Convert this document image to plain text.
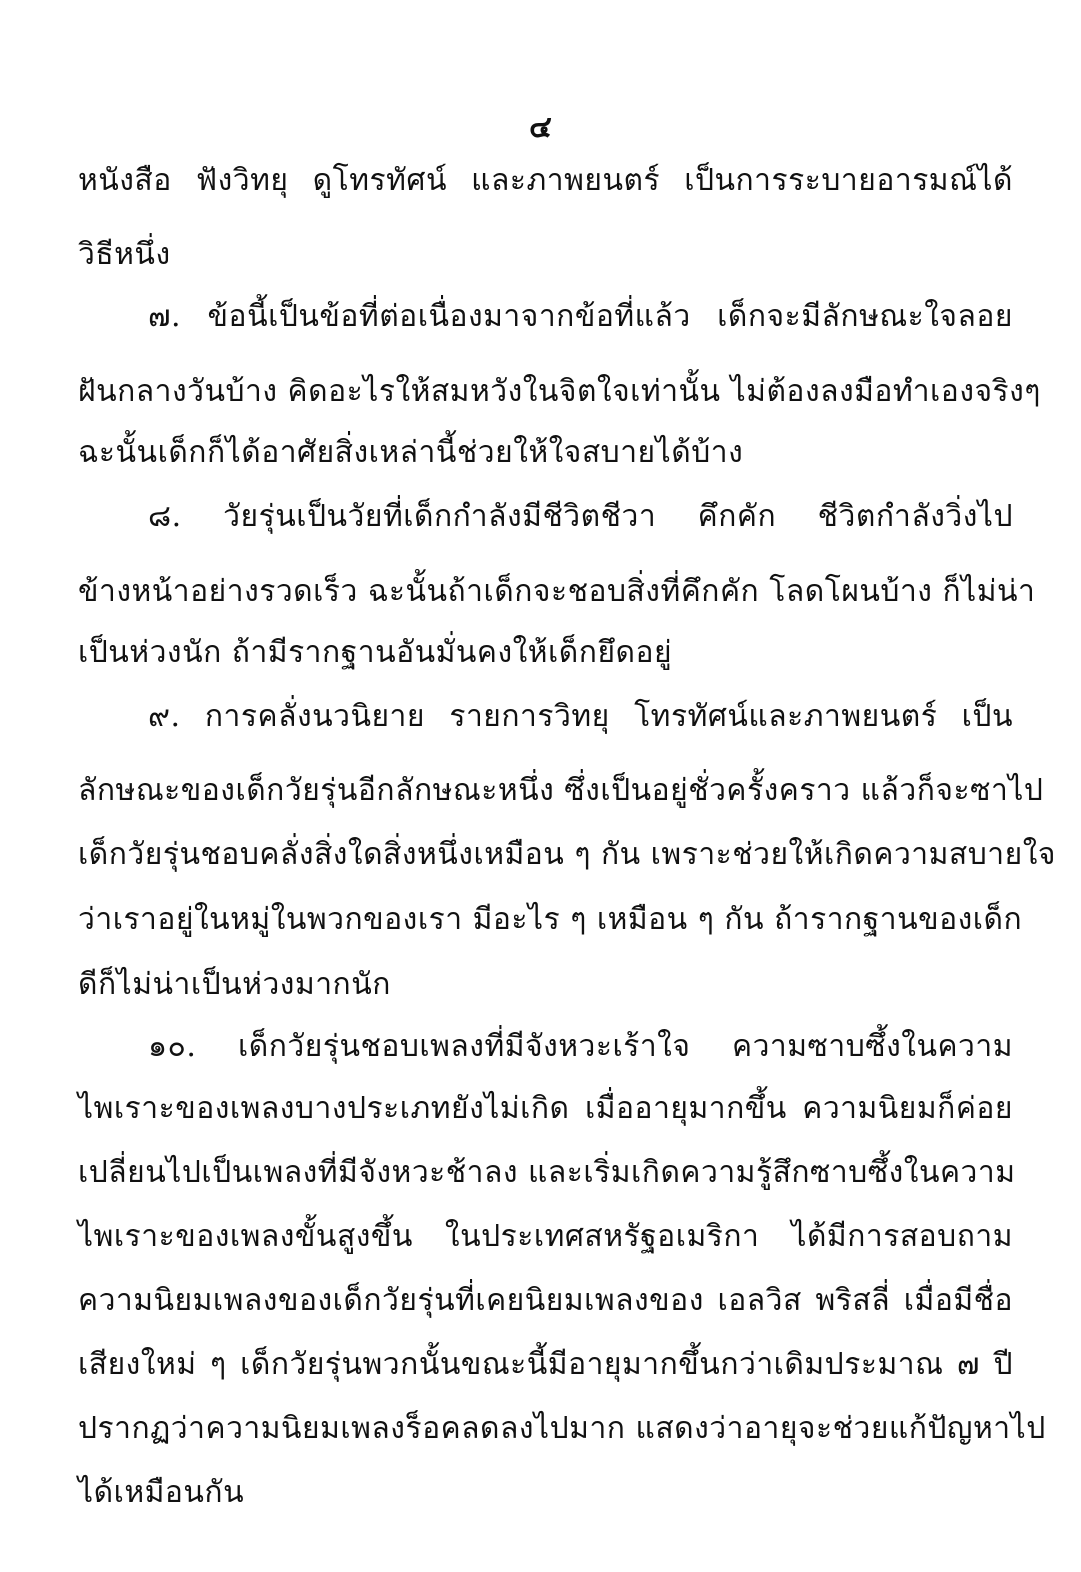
๔
หนังสือ ฟังวิทยุ ดูโทรทัศน์ และภาพยนตร์ เป็นการระบายอารมณ์ได้
วิธีหนึ่ง
๗. ข้อนี้เป็นข้อที่ต่อเนื่องมาจากข้อที่แล้ว เด็กจะมีลักษณะใจลอย
ฝันกลางวันบ้าง คิดอะไรให้สมหวังในจิตใจเท่านั้น ไม่ต้องลงมือทำเองจริงๆ
ฉะนั้นเด็กก็ได้อาศัยสิ่งเหล่านี้ช่วยให้ใจสบายได้บ้าง
๘. วัยรุ่นเป็นวัยที่เด็กกำลังมีชีวิตชีวา คึกคัก ชีวิตกำลังวิ่งไป
ข้างหน้าอย่างรวดเร็ว ฉะนั้นถ้าเด็กจะชอบสิ่งที่คึกคัก โลดโผนบ้าง ก็ไม่น่า
เป็นห่วงนัก ถ้ามีรากฐานอันมั่นคงให้เด็กยึดอยู่
๙. การคลั่งนวนิยาย รายการวิทยุ โทรทัศน์และภาพยนตร์ เป็น
ลักษณะของเด็กวัยรุ่นอีกลักษณะหนึ่ง ซึ่งเป็นอยู่ชั่วครั้งคราว แล้วก็จะซาไป
เด็กวัยรุ่นชอบคลั่งสิ่งใดสิ่งหนึ่งเหมือน ๆ กัน เพราะช่วยให้เกิดความสบายใจ
ว่าเราอยู่ในหมู่ในพวกของเรา มีอะไร ๆ เหมือน ๆ กัน ถ้ารากฐานของเด็ก
ดีก็ไม่น่าเป็นห่วงมากนัก
๑๐. เด็กวัยรุ่นชอบเพลงที่มีจังหวะเร้าใจ ความซาบซึ้งในความ
ไพเราะของเพลงบางประเภทยังไม่เกิด เมื่ออายุมากขึ้น ความนิยมก็ค่อย
เปลี่ยนไปเป็นเพลงที่มีจังหวะช้าลง และเริ่มเกิดความรู้สึกซาบซึ้งในความ
ไพเราะของเพลงขั้นสูงขึ้น ในประเทศสหรัฐอเมริกา ได้มีการสอบถาม
ความนิยมเพลงของเด็กวัยรุ่นที่เคยนิยมเพลงของ เอลวิส พริสลี่ เมื่อมีชื่อ
เสียงใหม่ ๆ เด็กวัยรุ่นพวกนั้นขณะนี้มีอายุมากขึ้นกว่าเดิมประมาณ ๗ ปี
ปรากฏว่าความนิยมเพลงร็อคลดลงไปมาก แสดงว่าอายุจะช่วยแก้ปัญหาไป
ได้เหมือนกัน
